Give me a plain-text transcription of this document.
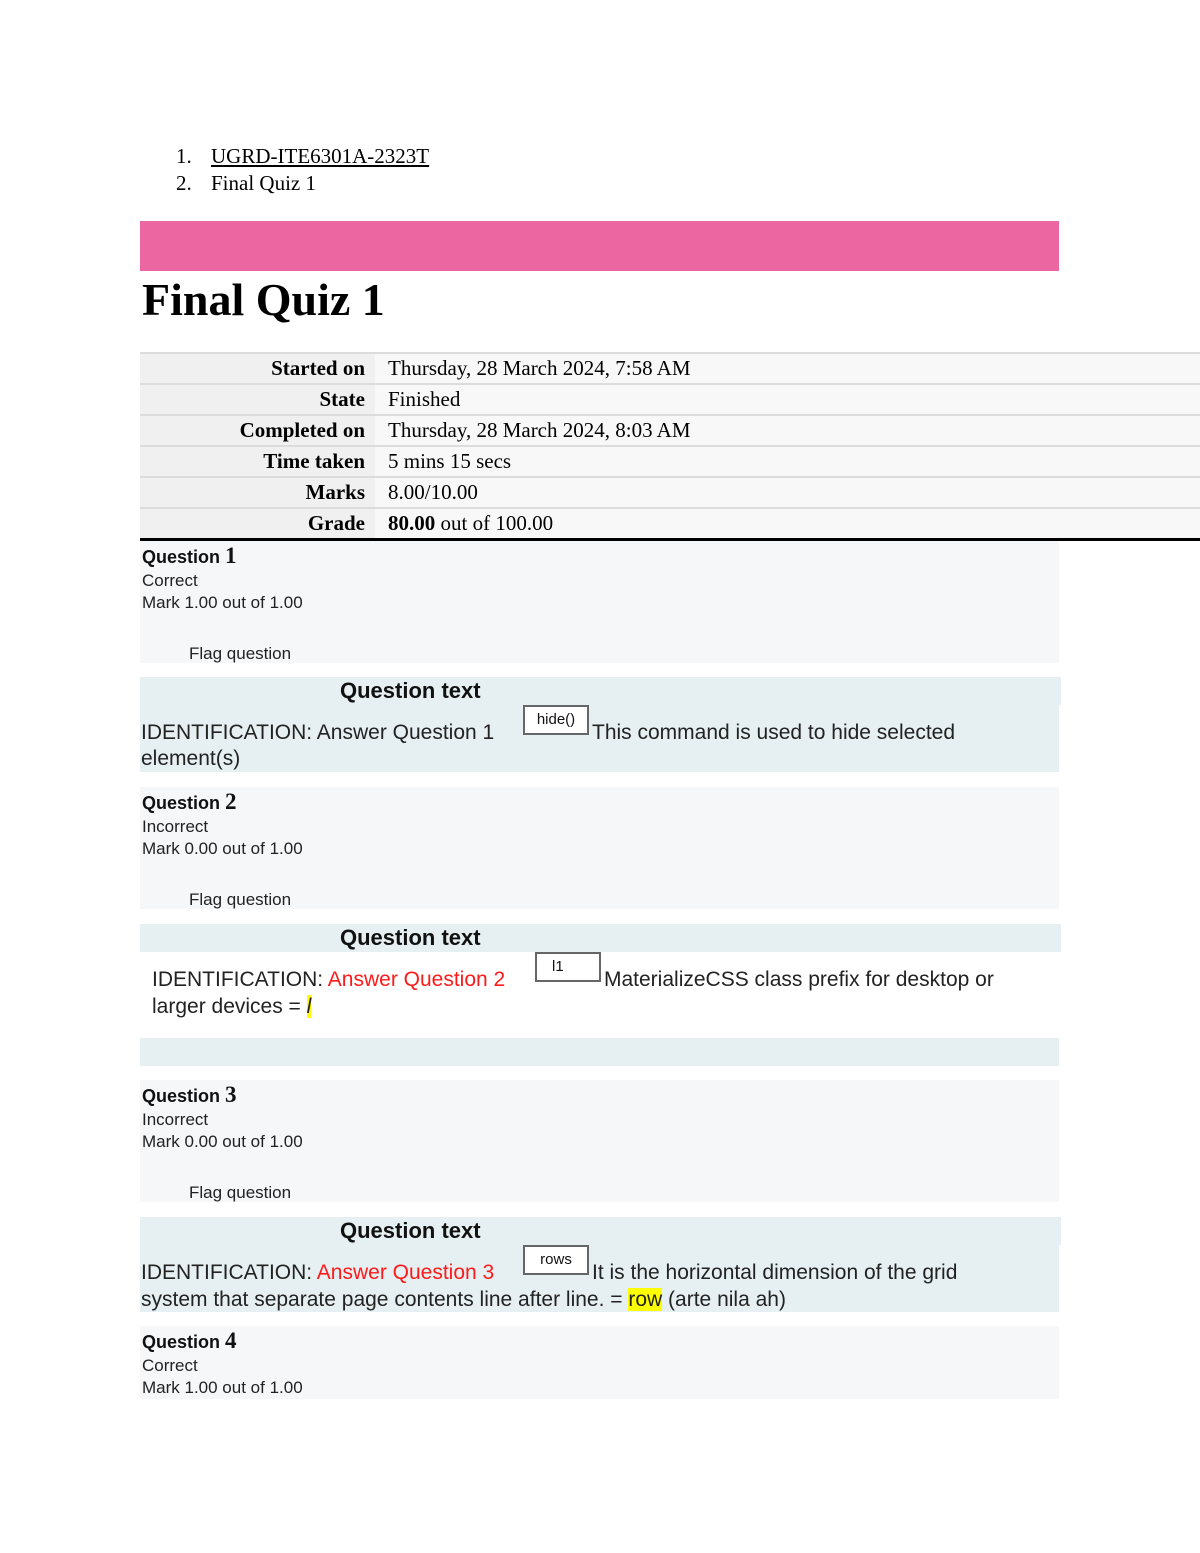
1. UGRD-ITE6301A-2323T
2. Final Quiz 1
Final Quiz 1
Started on	Thursday, 28 March 2024, 7:58 AM
State	Finished
Completed on	Thursday, 28 March 2024, 8:03 AM
Time taken	5 mins 15 secs
Marks	8.00/10.00
Grade	80.00 out of 100.00
Question 1
Correct
Mark 1.00 out of 1.00
Flag question
Question text
IDENTIFICATION: Answer Question 1
hide()
This command is used to hide selected
element(s)
Question 2
Incorrect
Mark 0.00 out of 1.00
Flag question
Question text
IDENTIFICATION: Answer Question 2
l1
MaterializeCSS class prefix for desktop or
larger devices = l
Question 3
Incorrect
Mark 0.00 out of 1.00
Flag question
Question text
IDENTIFICATION: Answer Question 3
rows
It is the horizontal dimension of the grid
system that separate page contents line after line. = row (arte nila ah)
Question 4
Correct
Mark 1.00 out of 1.00
